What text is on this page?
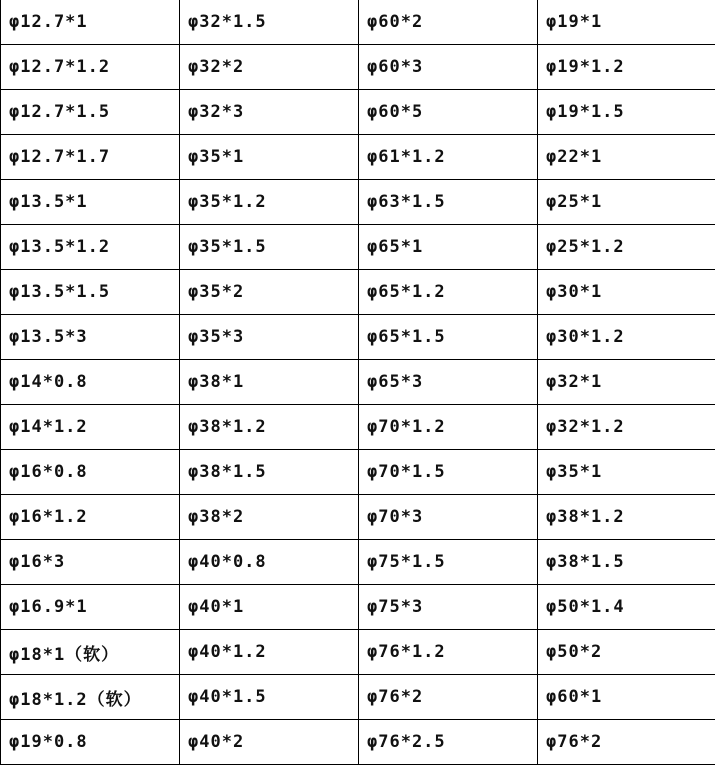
φ12.7*1	φ32*1.5	φ60*2	φ19*1
φ12.7*1.2	φ32*2	φ60*3	φ19*1.2
φ12.7*1.5	φ32*3	φ60*5	φ19*1.5
φ12.7*1.7	φ35*1	φ61*1.2	φ22*1
φ13.5*1	φ35*1.2	φ63*1.5	φ25*1
φ13.5*1.2	φ35*1.5	φ65*1	φ25*1.2
φ13.5*1.5	φ35*2	φ65*1.2	φ30*1
φ13.5*3	φ35*3	φ65*1.5	φ30*1.2
φ14*0.8	φ38*1	φ65*3	φ32*1
φ14*1.2	φ38*1.2	φ70*1.2	φ32*1.2
φ16*0.8	φ38*1.5	φ70*1.5	φ35*1
φ16*1.2	φ38*2	φ70*3	φ38*1.2
φ16*3	φ40*0.8	φ75*1.5	φ38*1.5
φ16.9*1	φ40*1	φ75*3	φ50*1.4
φ18*1（软）	φ40*1.2	φ76*1.2	φ50*2
φ18*1.2（软）	φ40*1.5	φ76*2	φ60*1
φ19*0.8	φ40*2	φ76*2.5	φ76*2
